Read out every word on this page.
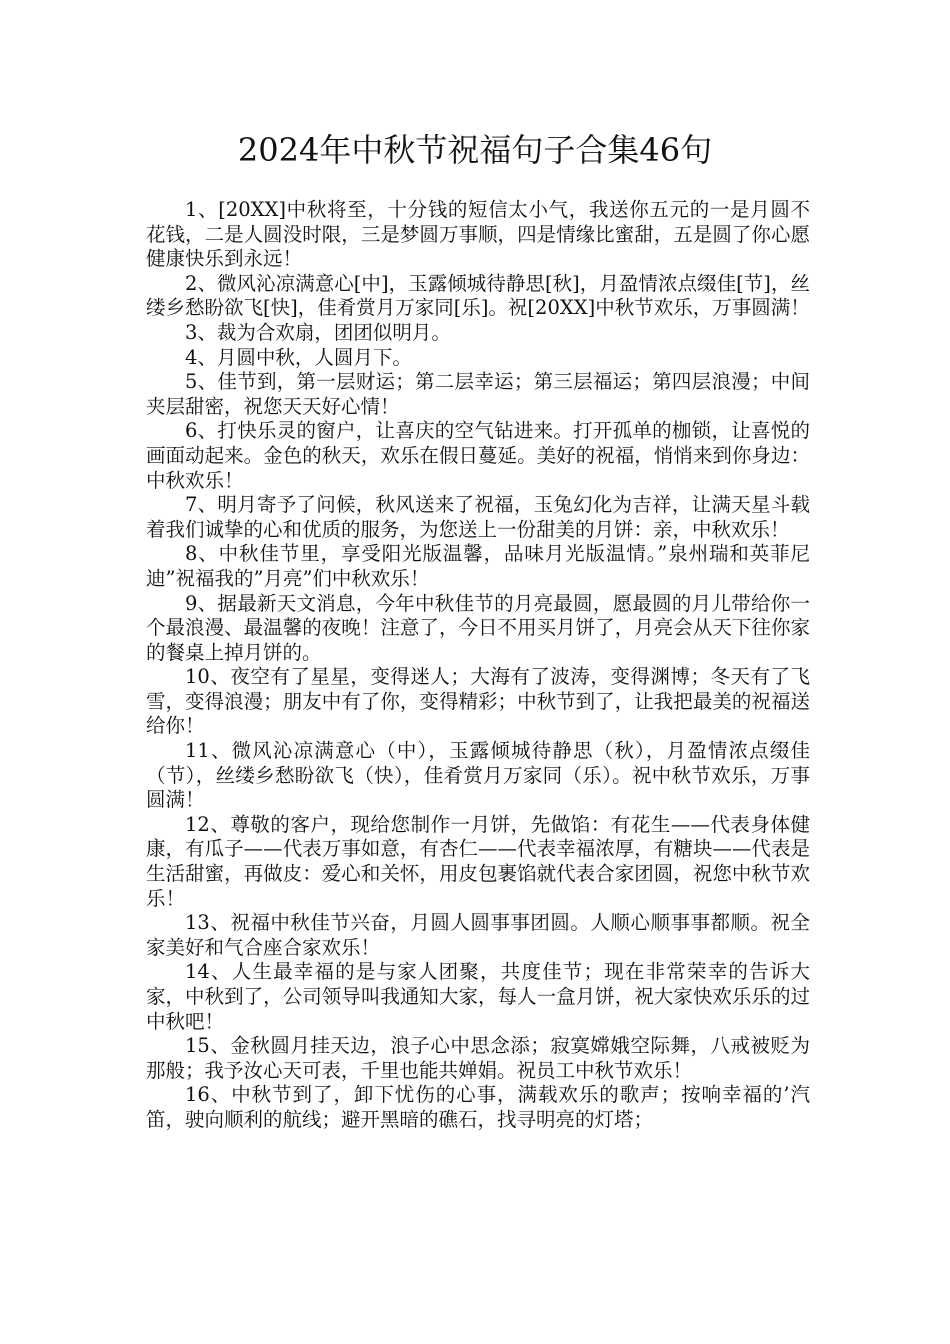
2024年中秋节祝福句子合集46句

1、[20XX]中秋将至，十分钱的短信太小气，我送你五元的一是月圆不花钱，二是人圆没时限，三是梦圆万事顺，四是情缘比蜜甜，五是圆了你心愿健康快乐到永远！

2、微风沁凉满意心[中]，玉露倾城待静思[秋]，月盈情浓点缀佳[节]，丝缕乡愁盼欲飞[快]，佳肴赏月万家同[乐]。祝[20XX]中秋节欢乐，万事圆满！

3、裁为合欢扇，团团似明月。

4、月圆中秋，人圆月下。

5、佳节到，第一层财运；第二层幸运；第三层福运；第四层浪漫；中间夹层甜密，祝您天天好心情！

6、打快乐灵的窗户，让喜庆的空气钻进来。打开孤单的枷锁，让喜悦的画面动起来。金色的秋天，欢乐在假日蔓延。美好的祝福，悄悄来到你身边：中秋欢乐！

7、明月寄予了问候，秋风送来了祝福，玉兔幻化为吉祥，让满天星斗载着我们诚挚的心和优质的服务，为您送上一份甜美的月饼：亲，中秋欢乐！

8、中秋佳节里，享受阳光版温馨，品味月光版温情。”泉州瑞和英菲尼迪”祝福我的”月亮”们中秋欢乐！

9、据最新天文消息，今年中秋佳节的月亮最圆，愿最圆的月儿带给你一个最浪漫、最温馨的夜晚！注意了，今日不用买月饼了，月亮会从天下往你家的餐桌上掉月饼的。

10、夜空有了星星，变得迷人；大海有了波涛，变得渊博；冬天有了飞雪，变得浪漫；朋友中有了你，变得精彩；中秋节到了，让我把最美的祝福送给你！

11、微风沁凉满意心（中），玉露倾城待静思（秋），月盈情浓点缀佳（节），丝缕乡愁盼欲飞（快），佳肴赏月万家同（乐）。祝中秋节欢乐，万事圆满！

12、尊敬的客户，现给您制作一月饼，先做馅：有花生——代表身体健康，有瓜子——代表万事如意，有杏仁——代表幸福浓厚，有糖块——代表是生活甜蜜，再做皮：爱心和关怀，用皮包裹馅就代表合家团圆，祝您中秋节欢乐！

13、祝福中秋佳节兴奋，月圆人圆事事团圆。人顺心顺事事都顺。祝全家美好和气合座合家欢乐！

14、人生最幸福的是与家人团聚，共度佳节；现在非常荣幸的告诉大家，中秋到了，公司领导叫我通知大家，每人一盒月饼，祝大家快欢乐乐的过中秋吧！

15、金秋圆月挂天边，浪子心中思念添；寂寞嫦娥空际舞，八戒被贬为那般；我予汝心天可表，千里也能共婵娟。祝员工中秋节欢乐！

16、中秋节到了，卸下忧伤的心事，满载欢乐的歌声；按响幸福的’汽笛，驶向顺利的航线；避开黑暗的礁石，找寻明亮的灯塔；
